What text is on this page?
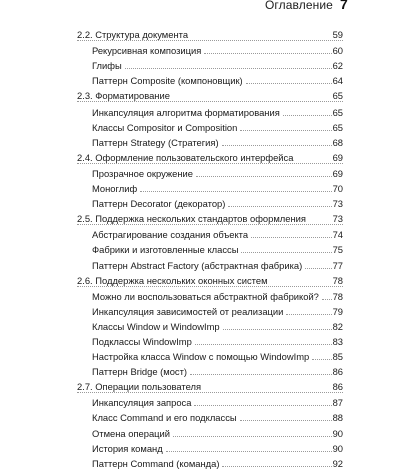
Оглавление 7
2.2. Структура документа	59
Рекурсивная композиция	60
Глифы	62
Паттерн Composite (компоновщик)	64
2.3. Форматирование	65
Инкапсуляция алгоритма форматирования	65
Классы Compositor и Composition	65
Паттерн Strategy (Стратегия)	68
2.4. Оформление пользовательского интерфейса	69
Прозрачное окружение	69
Моноглиф	70
Паттерн Decorator (декоратор)	73
2.5. Поддержка нескольких стандартов оформления	73
Абстрагирование создания объекта	74
Фабрики и изготовленные классы	75
Паттерн Abstract Factory (абстрактная фабрика)	77
2.6. Поддержка нескольких оконных систем	78
Можно ли воспользоваться абстрактной фабрикой? 78
Инкапсуляция зависимостей от реализации	79
Классы Window и WindowImp	82
Подклассы WindowImp	83
Настройка класса Window с помощью WindowImp 85
Паттерн Bridge (мост)	86
2.7. Операции пользователя	86
Инкапсуляция запроса	87
Класс Command и его подклассы	88
Отмена операций	90
История команд	90
Паттерн Command (команда)	92
